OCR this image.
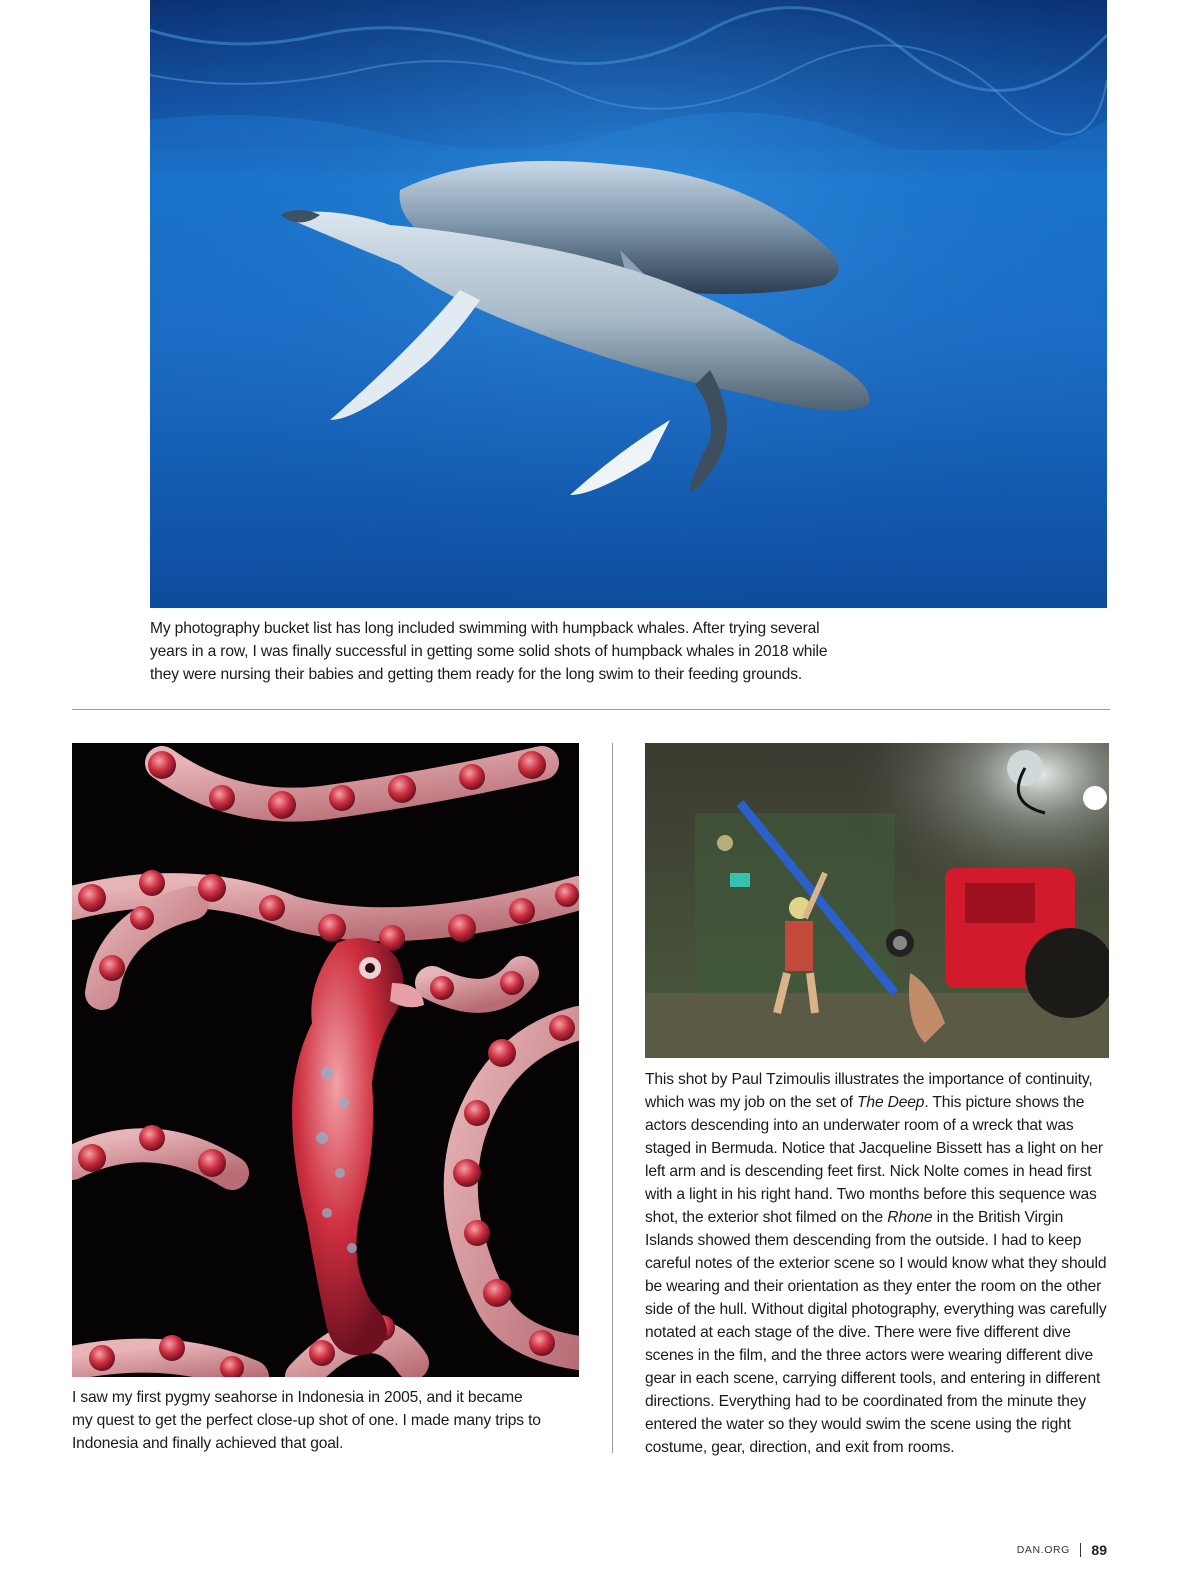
My photography bucket list has long included swimming with humpback whales. After trying several years in a row, I was finally successful in getting some solid shots of humpback whales in 2018 while they were nursing their babies and getting them ready for the long swim to their feeding grounds.
I saw my first pygmy seahorse in Indonesia in 2005, and it became my quest to get the perfect close-up shot of one. I made many trips to Indonesia and finally achieved that goal.
This shot by Paul Tzimoulis illustrates the importance of continuity, which was my job on the set of The Deep. This picture shows the actors descending into an underwater room of a wreck that was staged in Bermuda. Notice that Jacqueline Bissett has a light on her left arm and is descending feet first. Nick Nolte comes in head first with a light in his right hand. Two months before this sequence was shot, the exterior shot filmed on the Rhone in the British Virgin Islands showed them descending from the outside. I had to keep careful notes of the exterior scene so I would know what they should be wearing and their orientation as they enter the room on the other side of the hull. Without digital photography, everything was carefully notated at each stage of the dive. There were five different dive scenes in the film, and the three actors were wearing different dive gear in each scene, carrying different tools, and entering in different directions. Everything had to be coordinated from the minute they entered the water so they would swim the scene using the right costume, gear, direction, and exit from rooms.
DAN.ORG 89
